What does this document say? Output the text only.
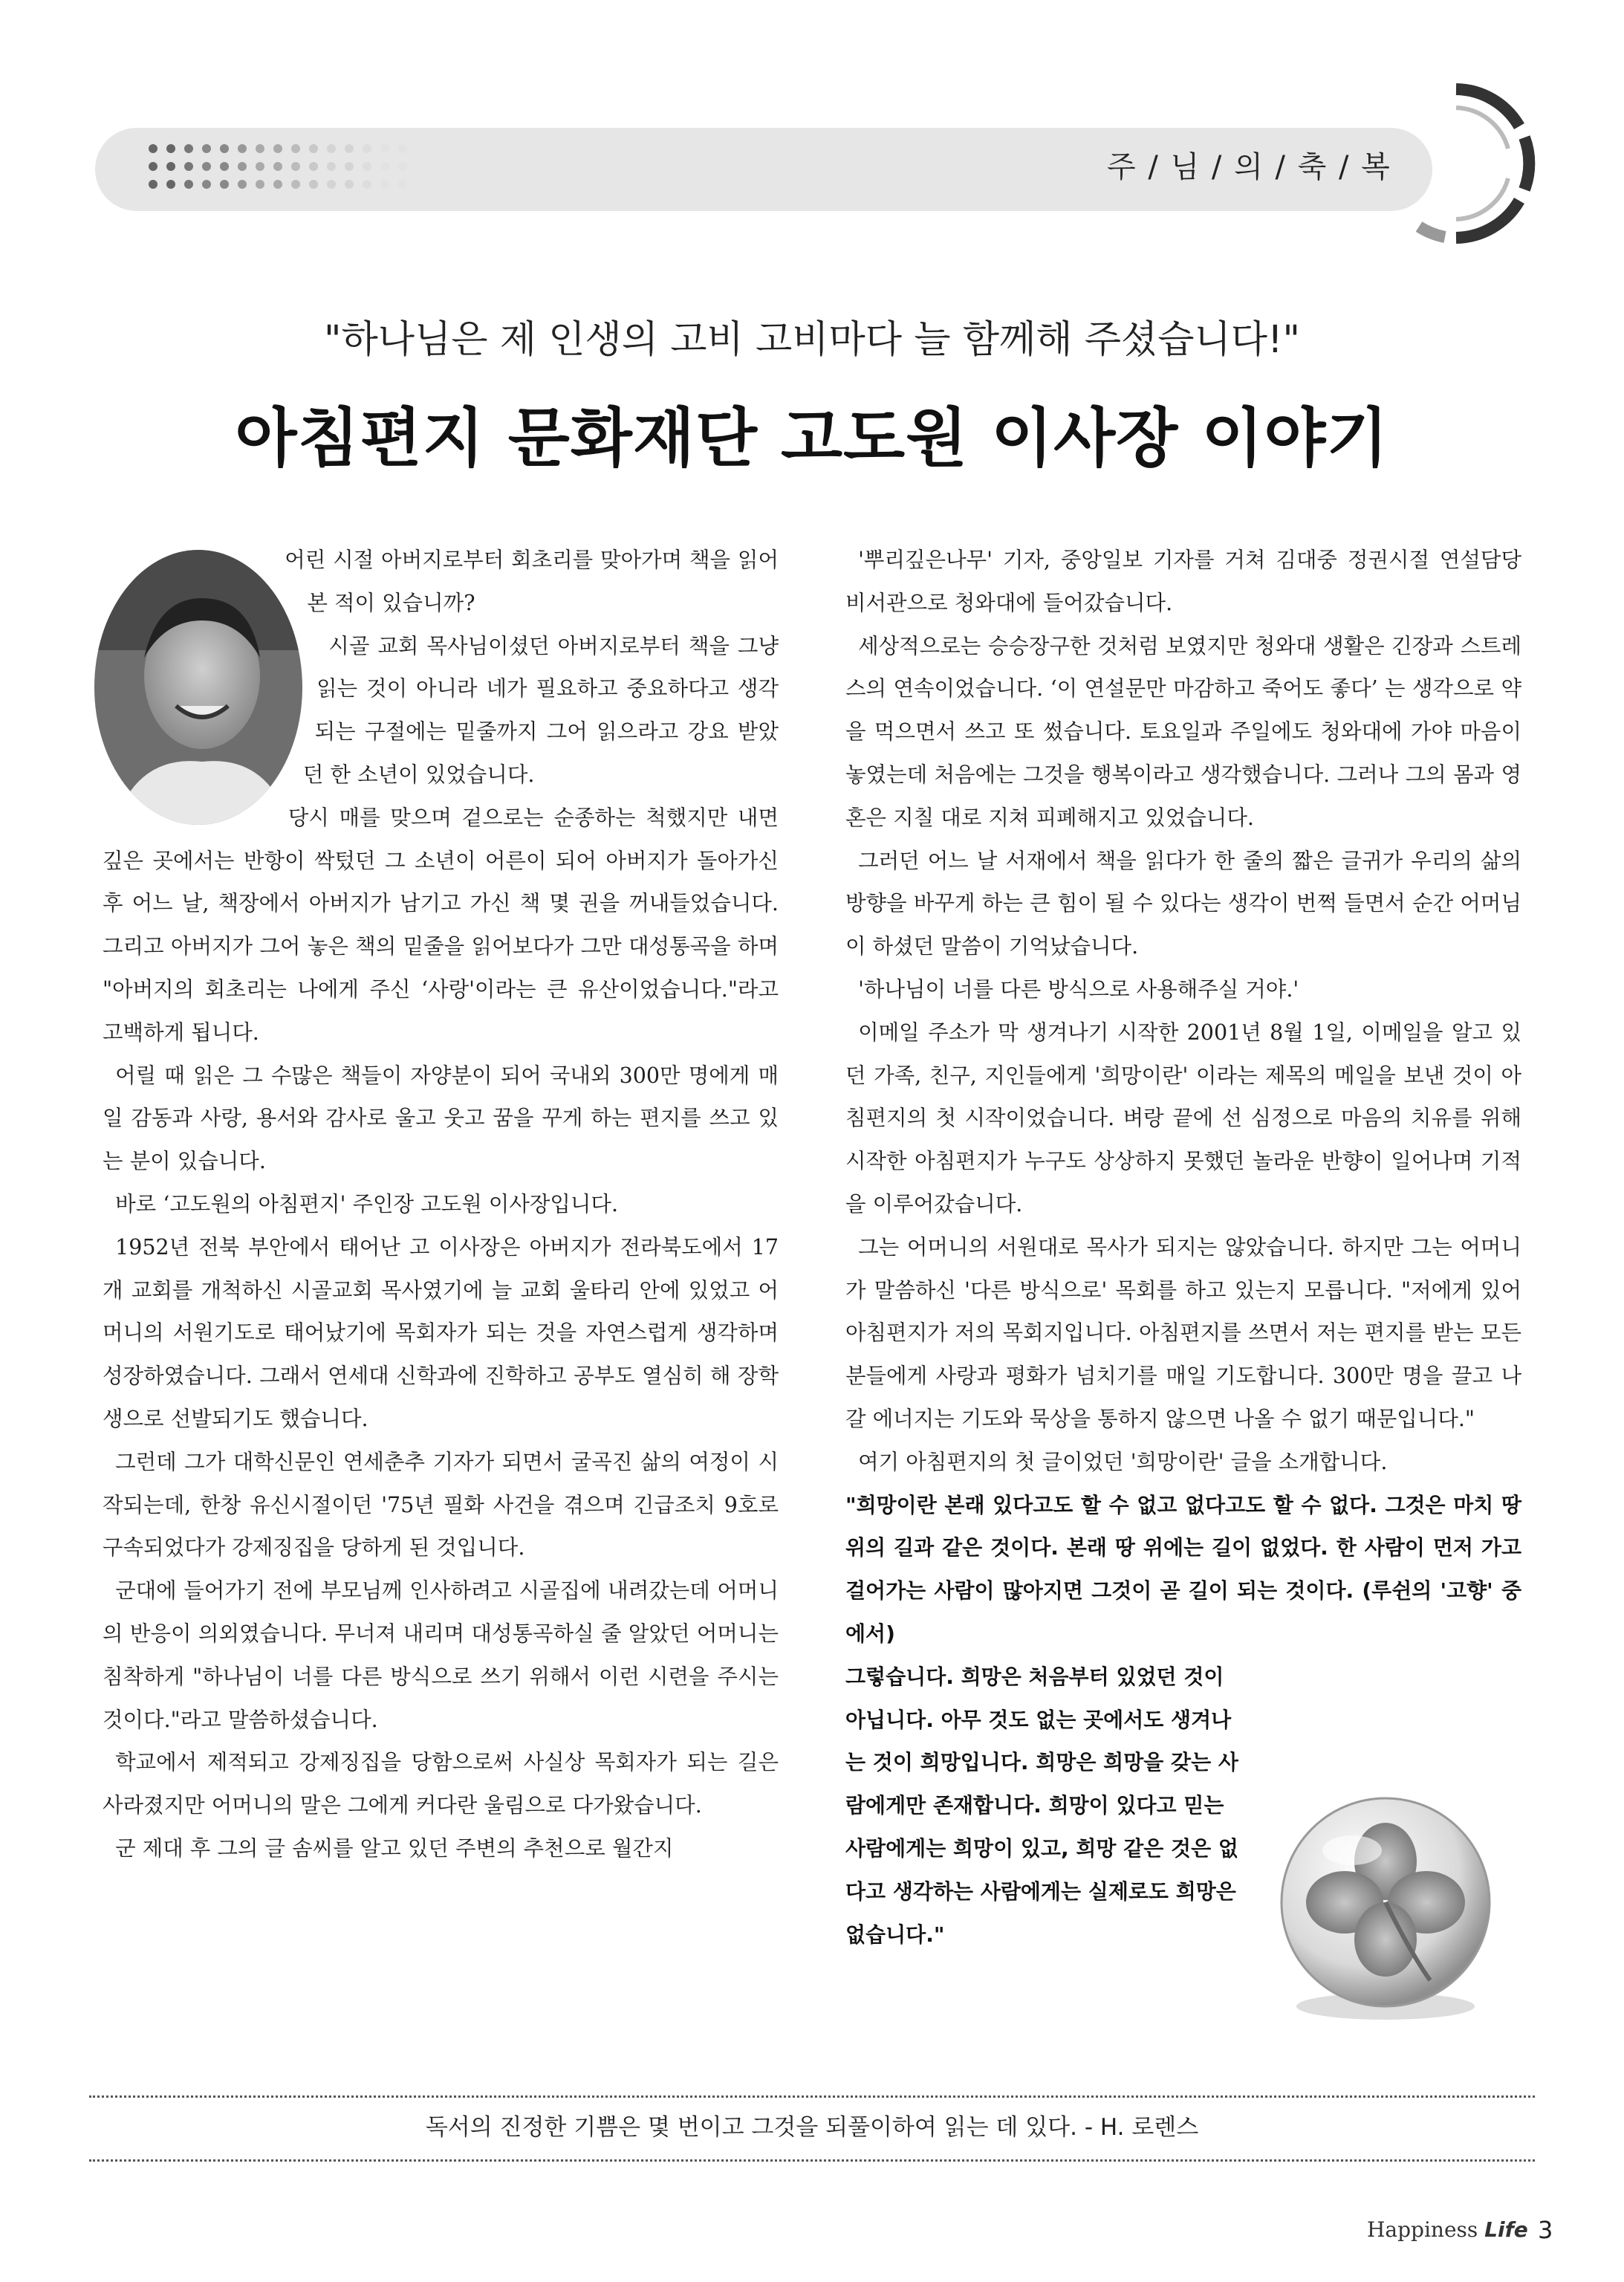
주 / 님 / 의 / 축 / 복
"하나님은 제 인생의 고비 고비마다 늘 함께해 주셨습니다!"
아침편지 문화재단 고도원 이사장 이야기

어린 시절 아버지로부터 회초리를 맞아가며 책을 읽어본 적이 있습니까?

시골 교회 목사님이셨던 아버지로부터 책을 그냥 읽는 것이 아니라 네가 필요하고 중요하다고 생각되는 구절에는 밑줄까지 그어 읽으라고 강요 받았던 한 소년이 있었습니다.

당시 매를 맞으며 겉으로는 순종하는 척했지만 내면 깊은 곳에서는 반항이 싹텄던 그 소년이 어른이 되어 아버지가 돌아가신 후 어느 날, 책장에서 아버지가 남기고 가신 책 몇 권을 꺼내들었습니다. 그리고 아버지가 그어 놓은 책의 밑줄을 읽어보다가 그만 대성통곡을 하며 "아버지의 회초리는 나에게 주신 ‘사랑'이라는 큰 유산이었습니다."라고 고백하게 됩니다.

어릴 때 읽은 그 수많은 책들이 자양분이 되어 국내외 300만 명에게 매일 감동과 사랑, 용서와 감사로 울고 웃고 꿈을 꾸게 하는 편지를 쓰고 있는 분이 있습니다.

바로 ‘고도원의 아침편지' 주인장 고도원 이사장입니다.

1952년 전북 부안에서 태어난 고 이사장은 아버지가 전라북도에서 17개 교회를 개척하신 시골교회 목사였기에 늘 교회 울타리 안에 있었고 어머니의 서원기도로 태어났기에 목회자가 되는 것을 자연스럽게 생각하며 성장하였습니다. 그래서 연세대 신학과에 진학하고 공부도 열심히 해 장학생으로 선발되기도 했습니다.

그런데 그가 대학신문인 연세춘추 기자가 되면서 굴곡진 삶의 여정이 시작되는데, 한창 유신시절이던 '75년 필화 사건을 겪으며 긴급조치 9호로 구속되었다가 강제징집을 당하게 된 것입니다.

군대에 들어가기 전에 부모님께 인사하려고 시골집에 내려갔는데 어머니의 반응이 의외였습니다. 무너져 내리며 대성통곡하실 줄 알았던 어머니는 침착하게 "하나님이 너를 다른 방식으로 쓰기 위해서 이런 시련을 주시는 것이다."라고 말씀하셨습니다.

학교에서 제적되고 강제징집을 당함으로써 사실상 목회자가 되는 길은 사라졌지만 어머니의 말은 그에게 커다란 울림으로 다가왔습니다.

군 제대 후 그의 글 솜씨를 알고 있던 주변의 추천으로 월간지

'뿌리깊은나무' 기자, 중앙일보 기자를 거쳐 김대중 정권시절 연설담당 비서관으로 청와대에 들어갔습니다.

세상적으로는 승승장구한 것처럼 보였지만 청와대 생활은 긴장과 스트레스의 연속이었습니다. ‘이 연설문만 마감하고 죽어도 좋다’ 는 생각으로 약을 먹으면서 쓰고 또 썼습니다. 토요일과 주일에도 청와대에 가야 마음이 놓였는데 처음에는 그것을 행복이라고 생각했습니다. 그러나 그의 몸과 영혼은 지칠 대로 지쳐 피폐해지고 있었습니다.

그러던 어느 날 서재에서 책을 읽다가 한 줄의 짧은 글귀가 우리의 삶의 방향을 바꾸게 하는 큰 힘이 될 수 있다는 생각이 번쩍 들면서 순간 어머님이 하셨던 말씀이 기억났습니다.

'하나님이 너를 다른 방식으로 사용해주실 거야.'

이메일 주소가 막 생겨나기 시작한 2001년 8월 1일, 이메일을 알고 있던 가족, 친구, 지인들에게 '희망이란' 이라는 제목의 메일을 보낸 것이 아침편지의 첫 시작이었습니다. 벼랑 끝에 선 심정으로 마음의 치유를 위해 시작한 아침편지가 누구도 상상하지 못했던 놀라운 반향이 일어나며 기적을 이루어갔습니다.

그는 어머니의 서원대로 목사가 되지는 않았습니다. 하지만 그는 어머니가 말씀하신 '다른 방식으로' 목회를 하고 있는지 모릅니다. "저에게 있어 아침편지가 저의 목회지입니다. 아침편지를 쓰면서 저는 편지를 받는 모든 분들에게 사랑과 평화가 넘치기를 매일 기도합니다. 300만 명을 끌고 나갈 에너지는 기도와 묵상을 통하지 않으면 나올 수 없기 때문입니다."

여기 아침편지의 첫 글이었던 '희망이란' 글을 소개합니다.

"희망이란 본래 있다고도 할 수 없고 없다고도 할 수 없다. 그것은 마치 땅 위의 길과 같은 것이다. 본래 땅 위에는 길이 없었다. 한 사람이 먼저 가고 걸어가는 사람이 많아지면 그것이 곧 길이 되는 것이다. (루쉰의 '고향' 중에서)

그렇습니다. 희망은 처음부터 있었던 것이 아닙니다. 아무 것도 없는 곳에서도 생겨나는 것이 희망입니다. 희망은 희망을 갖는 사람에게만 존재합니다. 희망이 있다고 믿는 사람에게는 희망이 있고, 희망 같은 것은 없다고 생각하는 사람에게는 실제로도 희망은 없습니다."

독서의 진정한 기쁨은 몇 번이고 그것을 되풀이하여 읽는 데 있다. - H. 로렌스
Happiness Life 3
